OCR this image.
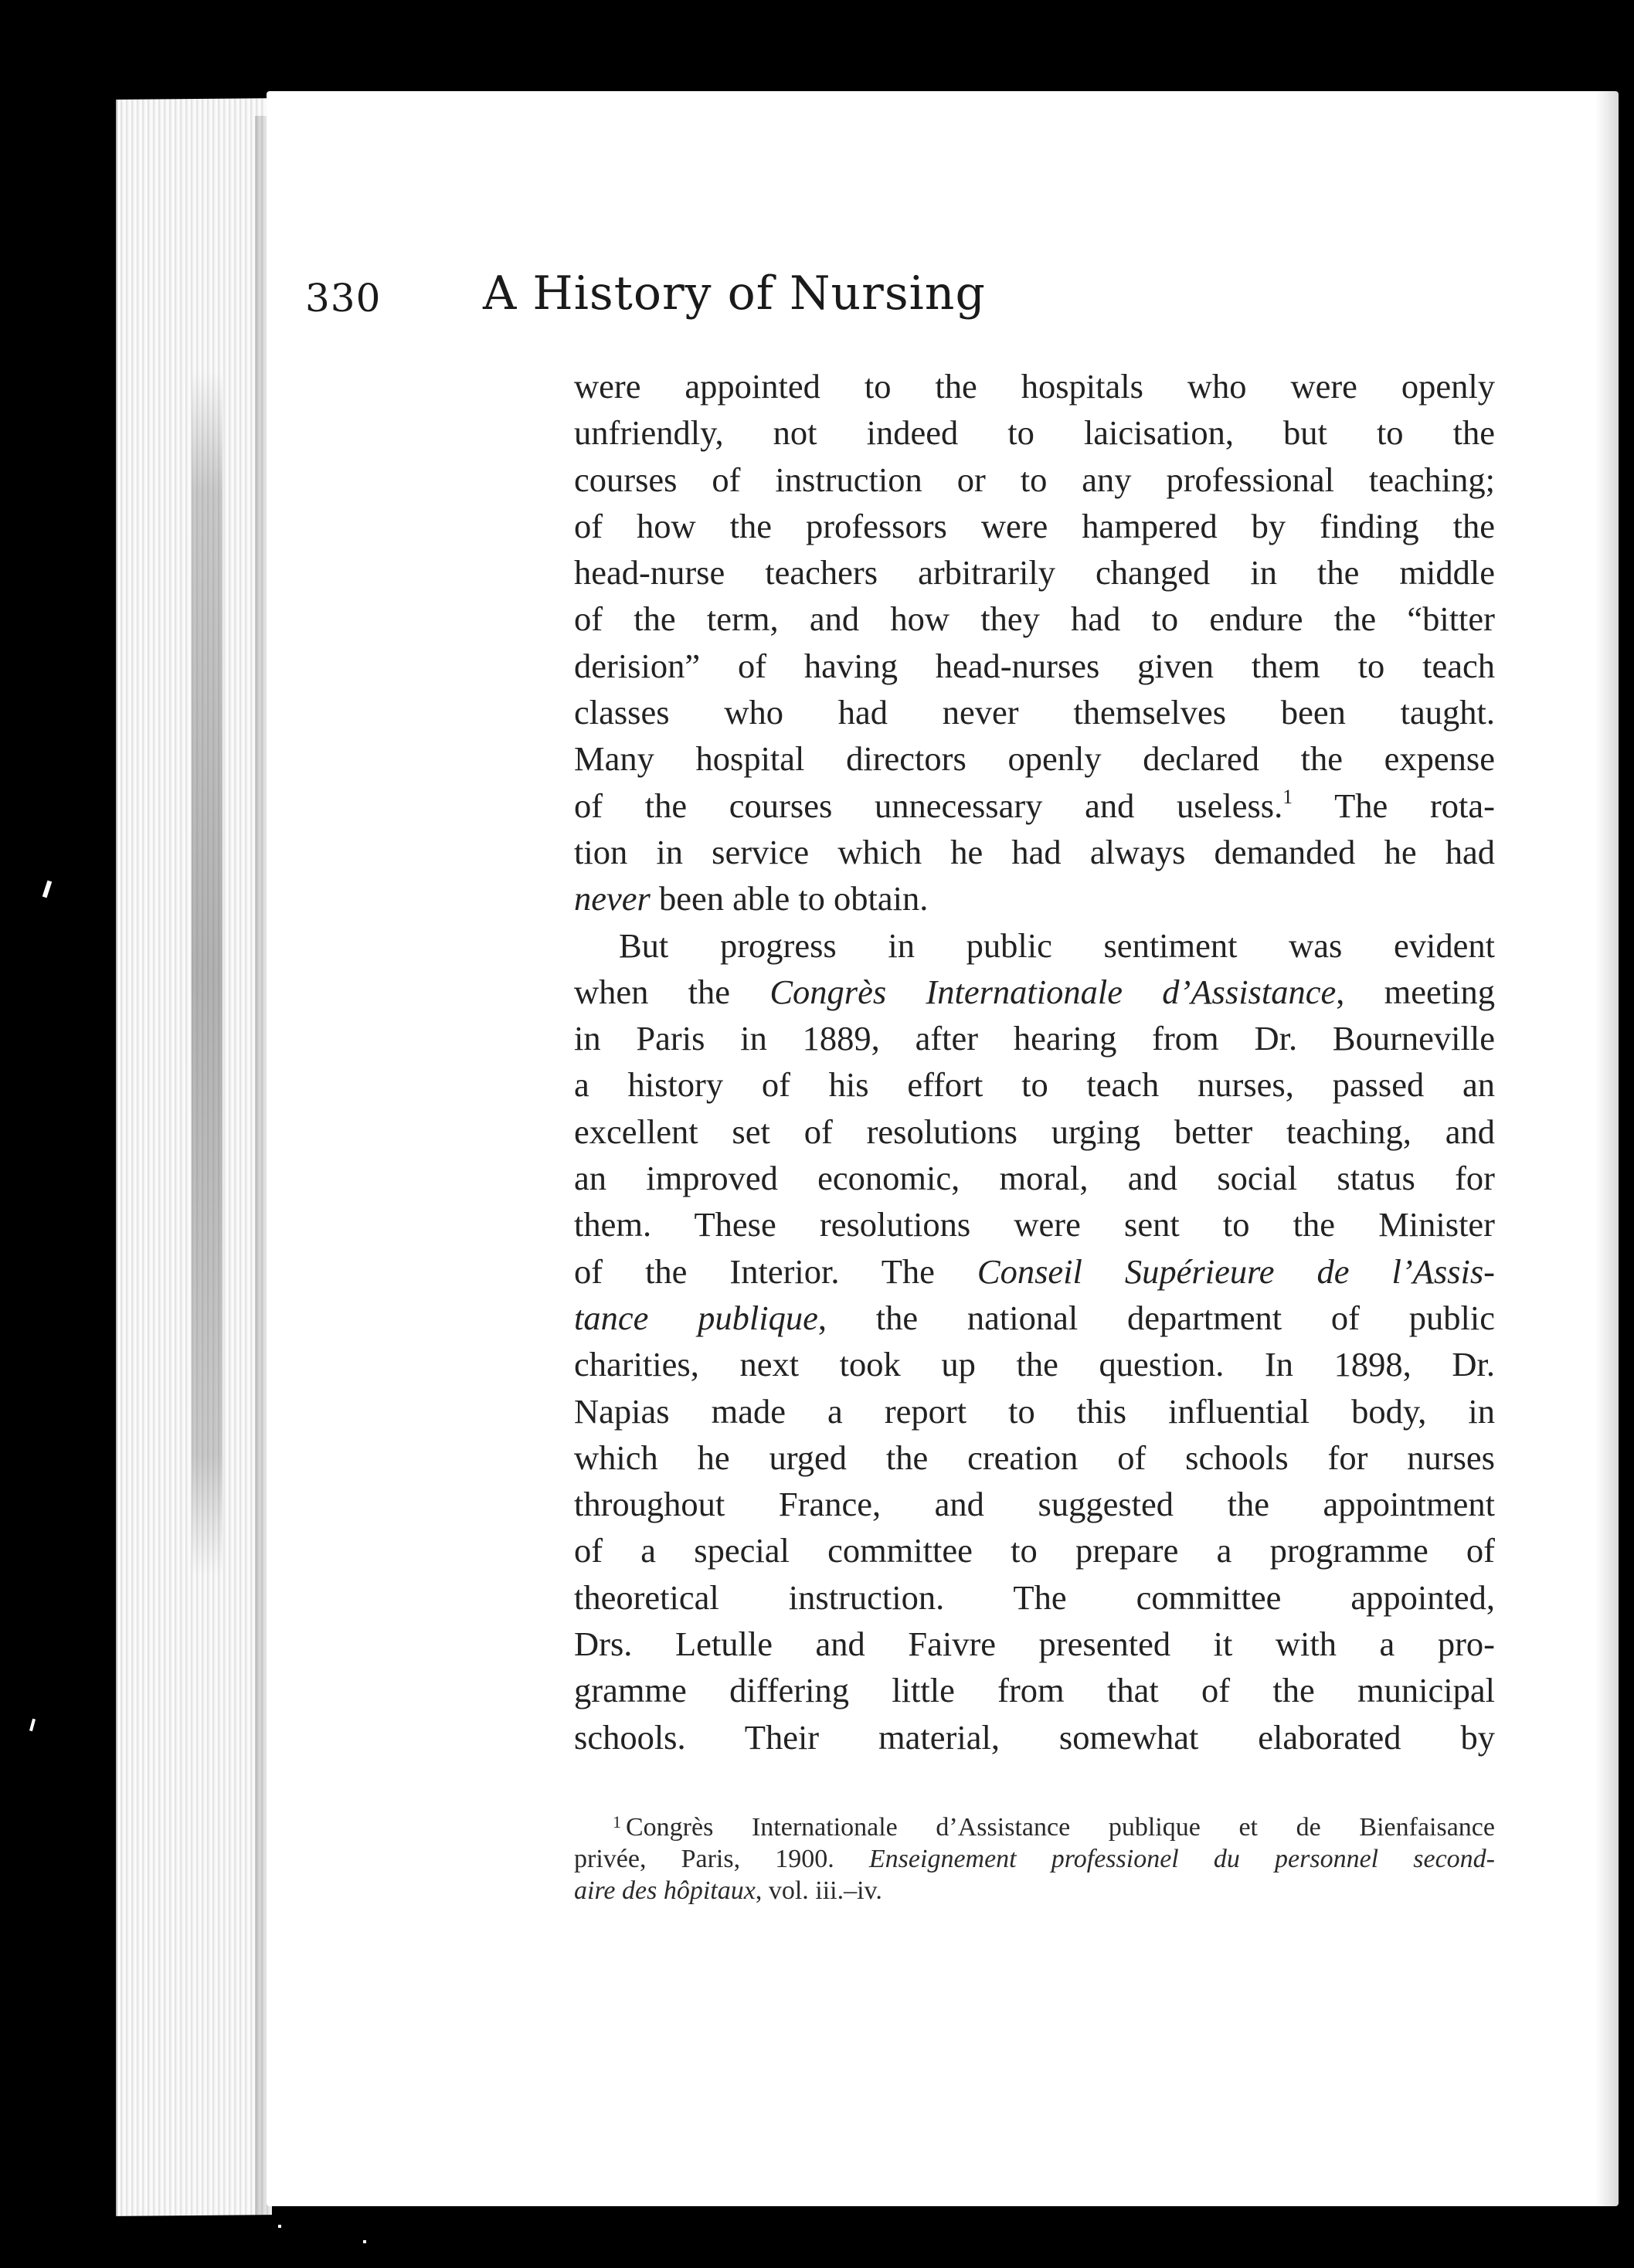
330 A History of Nursing
were appointed to the hospitals who were openly
unfriendly, not indeed to laicisation, but to the
courses of instruction or to any professional teaching;
of how the professors were hampered by finding the
head-nurse teachers arbitrarily changed in the middle
of the term, and how they had to endure the “bitter
derision” of having head-nurses given them to teach
classes who had never themselves been taught.
Many hospital directors openly declared the expense
of the courses unnecessary and useless.$^1$ The rota-
tion in service which he had always demanded he had
never been able to obtain.
But progress in public sentiment was evident
when the Congrès Internationale d’Assistance, meeting
in Paris in 1889, after hearing from Dr. Bourneville
a history of his effort to teach nurses, passed an
excellent set of resolutions urging better teaching, and
an improved economic, moral, and social status for
them. These resolutions were sent to the Minister
of the Interior. The Conseil Supérieure de l’Assis-
tance publique, the national department of public
charities, next took up the question. In 1898, Dr.
Napias made a report to this influential body, in
which he urged the creation of schools for nurses
throughout France, and suggested the appointment
of a special committee to prepare a programme of
theoretical instruction. The committee appointed,
Drs. Letulle and Faivre presented it with a pro-
gramme differing little from that of the municipal
schools. Their material, somewhat elaborated by
$^1$ Congrès Internationale d’Assistance publique et de Bienfaisance
privée, Paris, 1900. Enseignement professionel du personnel second-
aire des hôpitaux, vol. iii.–iv.
